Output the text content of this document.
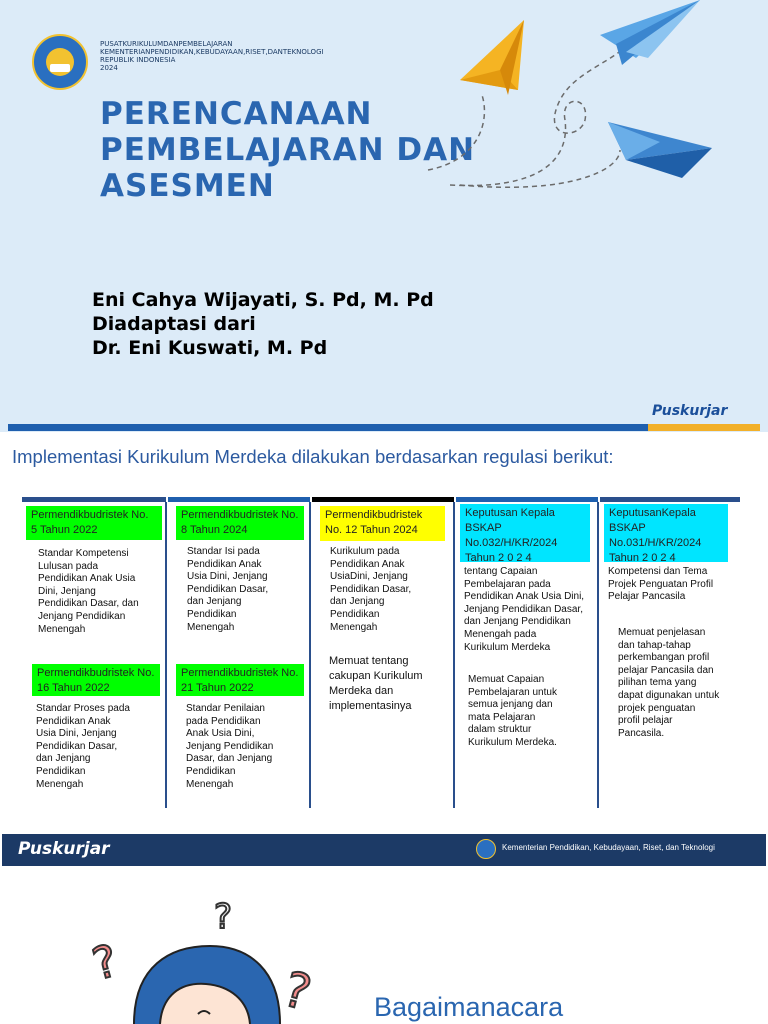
PUSATKURIKULUMDANPEMBELAJARAN
KEMENTERIANPENDIDIKAN,KEBUDAYAAN,RISET,DANTEKNOLOGI
REPUBLIK INDONESIA
2024
PERENCANAAN
PEMBELAJARAN DAN
ASESMEN
Eni Cahya Wijayati, S. Pd, M. Pd
Diadaptasi dari
Dr. Eni Kuswati, M. Pd
Puskurjar
Implementasi Kurikulum Merdeka dilakukan berdasarkan regulasi berikut:
Permendikbudristek No. 5 Tahun 2022
Standar Kompetensi
Lulusan pada
Pendidikan Anak Usia
Dini, Jenjang
Pendidikan Dasar, dan
Jenjang Pendidikan
Menengah
Permendikbudristek No. 16 Tahun 2022
Standar Proses pada
Pendidikan Anak
Usia Dini, Jenjang
Pendidikan Dasar,
dan Jenjang
Pendidikan
Menengah
Permendikbudristek No. 8 Tahun 2024
Standar Isi pada
Pendidikan Anak
Usia Dini, Jenjang
Pendidikan Dasar,
dan Jenjang
Pendidikan
Menengah
Permendikbudristek No. 21 Tahun 2022
Standar Penilaian
pada Pendidikan
Anak Usia Dini,
Jenjang Pendidikan
Dasar, dan Jenjang
Pendidikan
Menengah
Permendikbudristek No. 12 Tahun 2024
Kurikulum pada
Pendidikan Anak
UsiaDini, Jenjang
Pendidikan Dasar,
dan Jenjang
Pendidikan
Menengah
Memuat tentang
cakupan Kurikulum
Merdeka dan
implementasinya
Keputusan Kepala BSKAP No.032/H/KR/2024 Tahun 2 0 2 4
tentang Capaian
Pembelajaran pada
Pendidikan Anak Usia Dini,
Jenjang Pendidikan Dasar,
dan Jenjang Pendidikan
Menengah pada
Kurikulum Merdeka
Memuat Capaian
Pembelajaran untuk
semua jenjang dan
mata Pelajaran
dalam struktur
Kurikulum Merdeka.
KeputusanKepala BSKAP No.031/H/KR/2024 Tahun 2 0 2 4
Kompetensi dan Tema
Projek Penguatan Profil
Pelajar Pancasila
Memuat penjelasan
dan tahap-tahap
perkembangan profil
pelajar Pancasila dan
pilihan tema yang
dapat digunakan untuk
projek penguatan
profil pelajar
Pancasila.
Puskurjar	Kementerian Pendidikan, Kebudayaan, Riset, dan Teknologi
?
?	? Bagaimanacara
